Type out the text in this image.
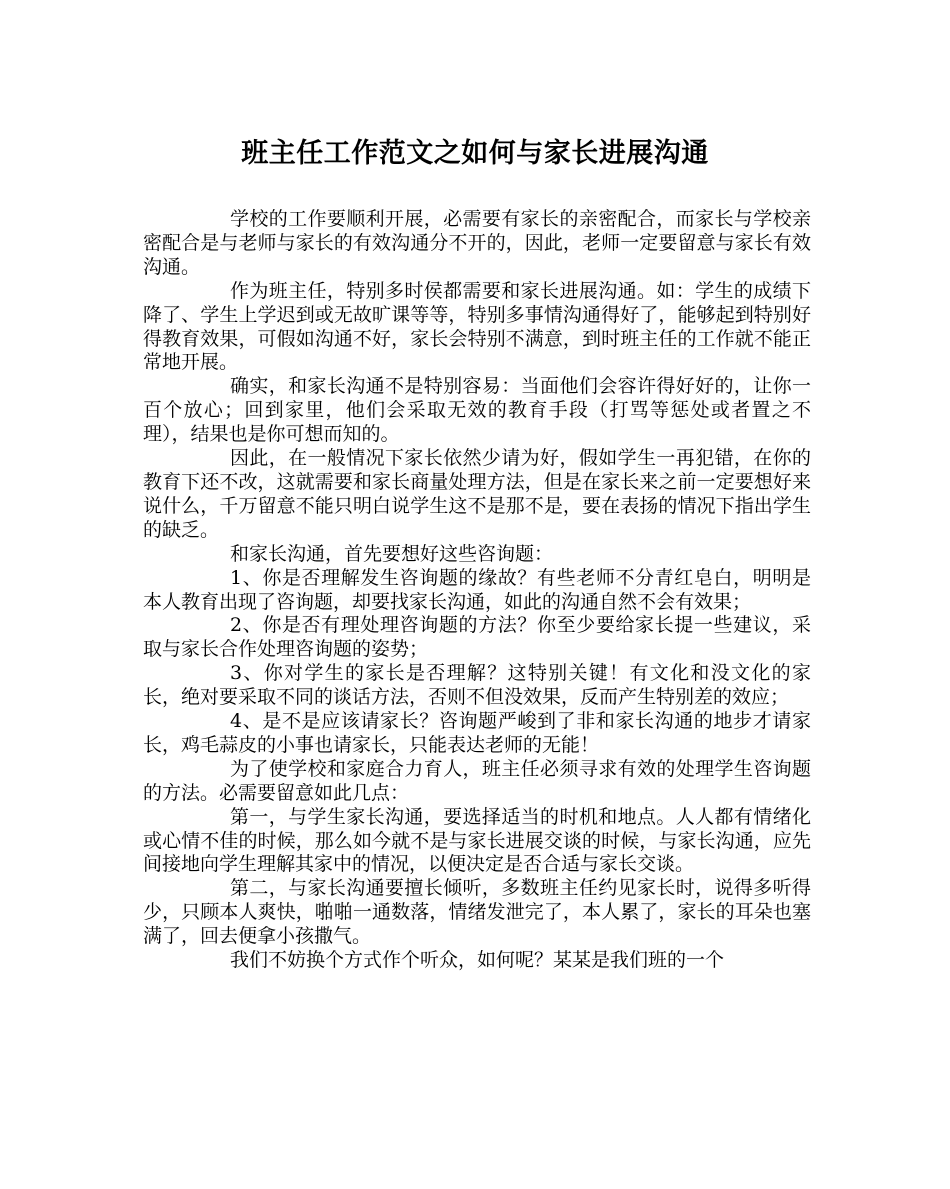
班主任工作范文之如何与家长进展沟通

学校的工作要顺利开展，必需要有家长的亲密配合，而家长与学校亲密配合是与老师与家长的有效沟通分不开的，因此，老师一定要留意与家长有效沟通。

作为班主任，特别多时侯都需要和家长进展沟通。如：学生的成绩下降了、学生上学迟到或无故旷课等等，特别多事情沟通得好了，能够起到特别好得教育效果，可假如沟通不好，家长会特别不满意，到时班主任的工作就不能正常地开展。

确实，和家长沟通不是特别容易：当面他们会容许得好好的，让你一百个放心；回到家里，他们会采取无效的教育手段（打骂等惩处或者置之不理），结果也是你可想而知的。

因此，在一般情况下家长依然少请为好，假如学生一再犯错，在你的教育下还不改，这就需要和家长商量处理方法，但是在家长来之前一定要想好来说什么，千万留意不能只明白说学生这不是那不是，要在表扬的情况下指出学生的缺乏。

和家长沟通，首先要想好这些咨询题：

1、你是否理解发生咨询题的缘故？有些老师不分青红皂白，明明是本人教育出现了咨询题，却要找家长沟通，如此的沟通自然不会有效果；

2、你是否有理处理咨询题的方法？你至少要给家长提一些建议，采取与家长合作处理咨询题的姿势；

3、你对学生的家长是否理解？这特别关键！有文化和没文化的家长，绝对要采取不同的谈话方法，否则不但没效果，反而产生特别差的效应；

4、是不是应该请家长？咨询题严峻到了非和家长沟通的地步才请家长，鸡毛蒜皮的小事也请家长，只能表达老师的无能！

为了使学校和家庭合力育人，班主任必须寻求有效的处理学生咨询题的方法。必需要留意如此几点：

第一，与学生家长沟通，要选择适当的时机和地点。人人都有情绪化或心情不佳的时候，那么如今就不是与家长进展交谈的时候，与家长沟通，应先间接地向学生理解其家中的情况，以便决定是否合适与家长交谈。

第二，与家长沟通要擅长倾听，多数班主任约见家长时，说得多听得少，只顾本人爽快，啪啪一通数落，情绪发泄完了，本人累了，家长的耳朵也塞满了，回去便拿小孩撒气。

我们不妨换个方式作个听众，如何呢？某某是我们班的一个
